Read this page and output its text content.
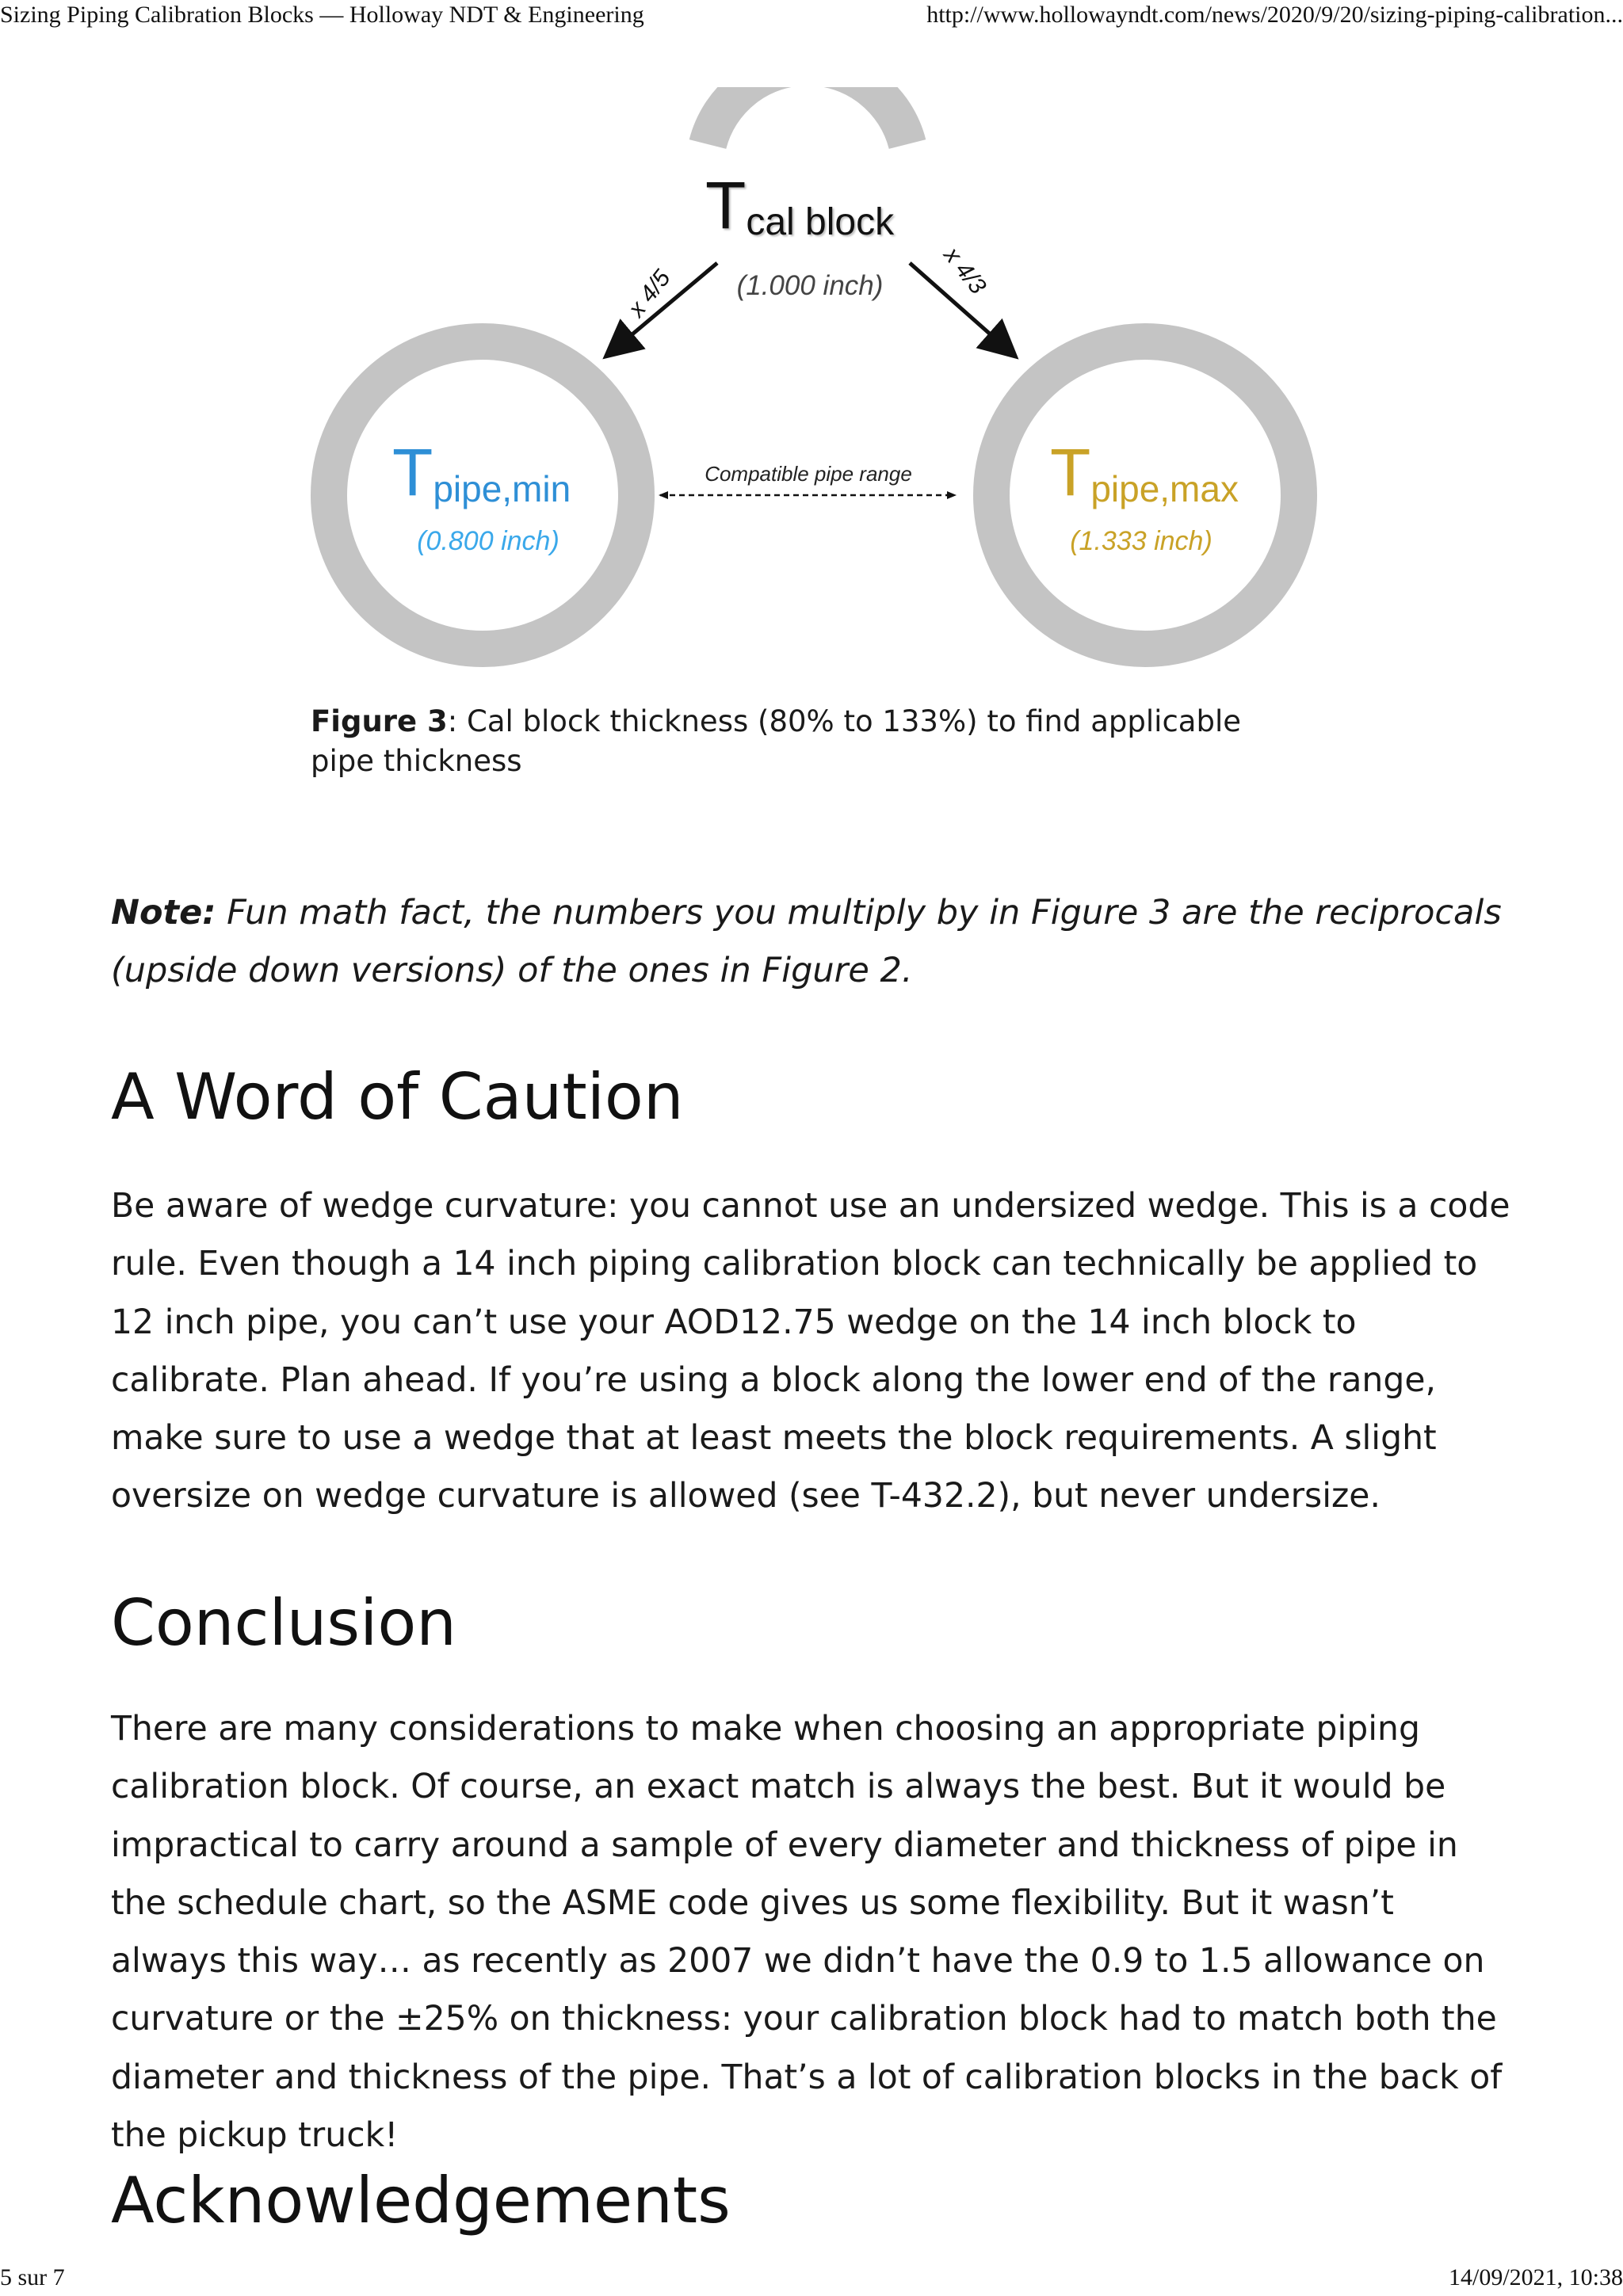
Sizing Piping Calibration Blocks — Holloway NDT & Engineering	http://www.hollowayndt.com/news/2020/9/20/sizing-piping-calibration...
Tcal block
(1.000 inch)
x 4/5	x 4/3
Tpipe,min
(0.800 inch)
Tpipe,max
(1.333 inch)
Compatible pipe range
Figure 3: Cal block thickness (80% to 133%) to find applicable pipe thickness
Note: Fun math fact, the numbers you multiply by in Figure 3 are the reciprocals (upside down versions) of the ones in Figure 2.
A Word of Caution

Be aware of wedge curvature: you cannot use an undersized wedge. This is a code rule. Even though a 14 inch piping calibration block can technically be applied to 12 inch pipe, you can’t use your AOD12.75 wedge on the 14 inch block to calibrate. Plan ahead. If you’re using a block along the lower end of the range, make sure to use a wedge that at least meets the block requirements. A slight oversize on wedge curvature is allowed (see T-432.2), but never undersize.

Conclusion

There are many considerations to make when choosing an appropriate piping calibration block. Of course, an exact match is always the best. But it would be impractical to carry around a sample of every diameter and thickness of pipe in the schedule chart, so the ASME code gives us some flexibility. But it wasn’t always this way… as recently as 2007 we didn’t have the 0.9 to 1.5 allowance on curvature or the ±25% on thickness: your calibration block had to match both the diameter and thickness of the pipe. That’s a lot of calibration blocks in the back of the pickup truck!

Acknowledgements
5 sur 7	14/09/2021, 10:38
